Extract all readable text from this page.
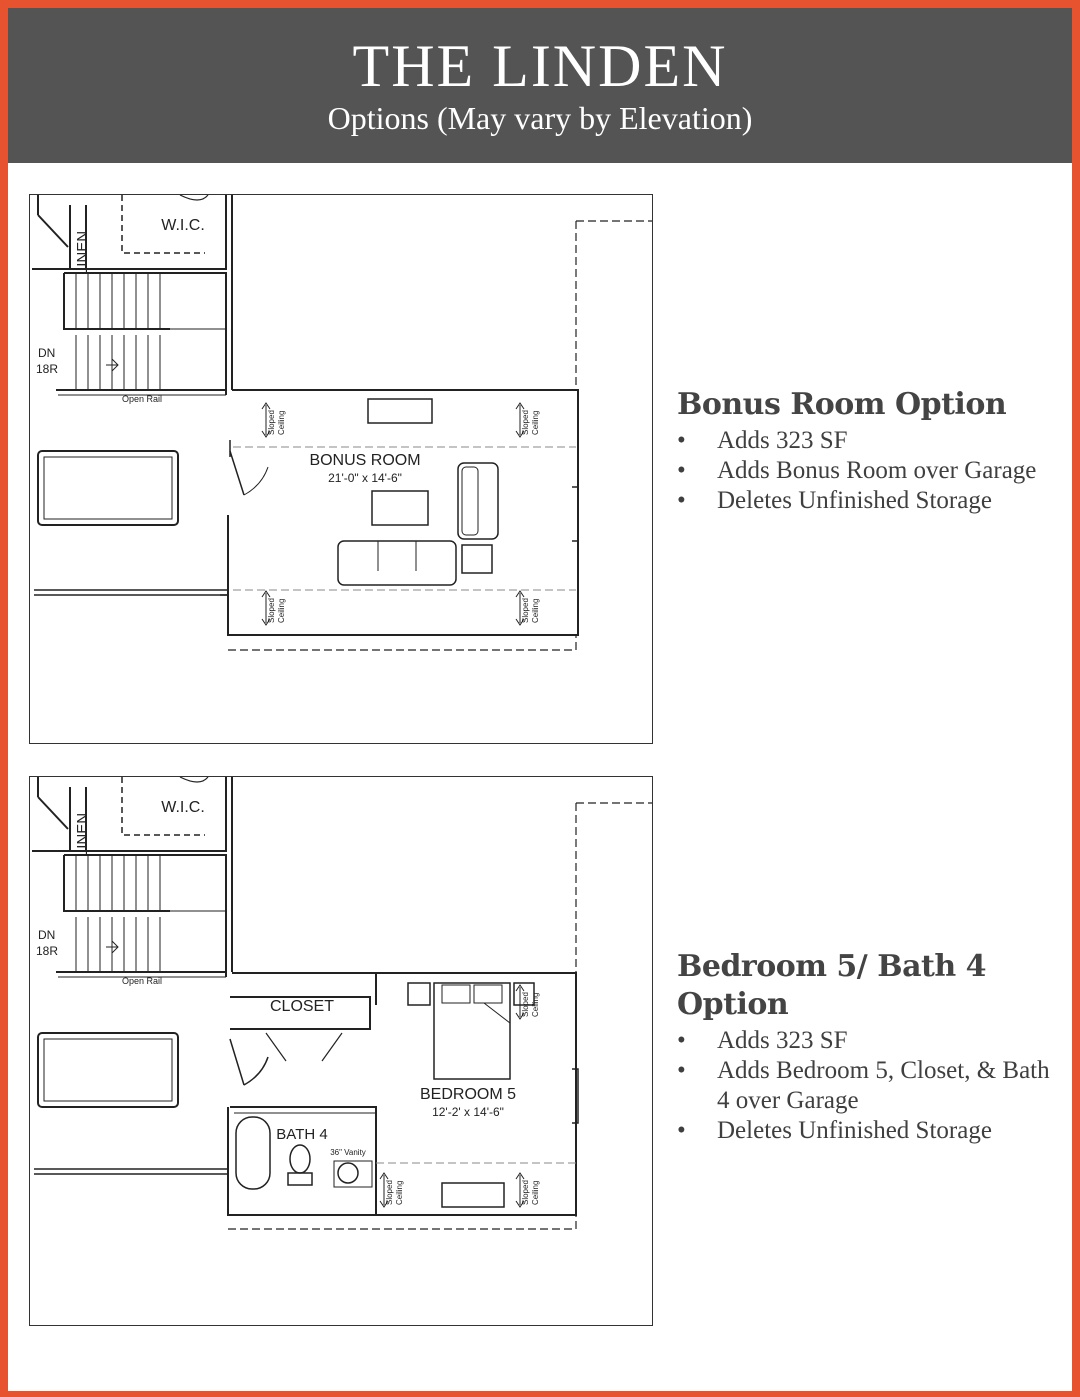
THE LINDEN
Options (May vary by Elevation)
LINEN
W.I.C.
DN
18R
Open Rail
BONUS ROOM
21'-0" x 14'-6"
Sloped Ceiling	Sloped Ceiling
Sloped Ceiling	Sloped Ceiling
Bonus Room Option
• Adds 323 SF
• Adds Bonus Room over Garage
• Deletes Unfinished Storage
LINEN
W.I.C.
DN
18R
Open Rail
CLOSET
BEDROOM 5
12'-2' x 14'-6"
BATH 4
36" Vanity
Sloped Ceiling
Sloped Ceiling	Sloped Ceiling
Bedroom 5/ Bath 4
Option
• Adds 323 SF
• Adds Bedroom 5, Closet, & Bath 4 over Garage
• Deletes Unfinished Storage
